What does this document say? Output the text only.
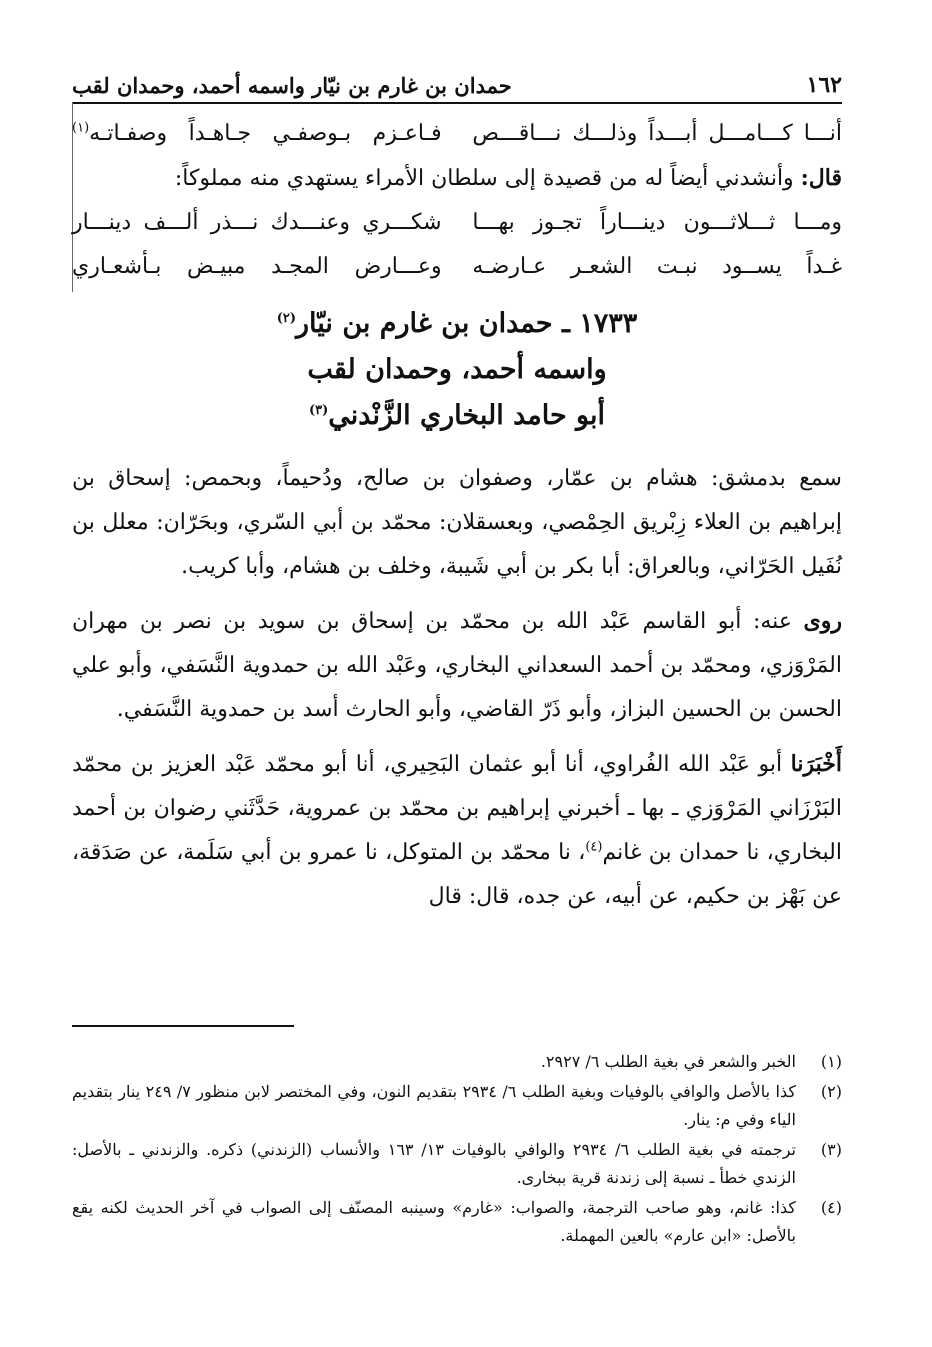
١٦٢
حمدان بن غارم بن نيّار واسمه أحمد، وحمدان لقب
أنـــا كـــامـــل أبـــداً وذلـــك نـــاقـــص
فـاعـزم بـوصفـي جـاهـداً وصفـاتـه$^{(١)}$

قال: وأنشدني أيضاً له من قصيدة إلى سلطان الأمراء يستهدي منه مملوكاً:

ومـــا ثـــلاثـــون دينـــاراً تجـوز بهـــا
شكـــري وعنـــدك نـــذر ألـــف دينـــار
غـداً يســود نبـت الشعـر عـارضـه
وعـــارض المجـد مبيـض بـأشعـاري

١٧٣٣ ـ حمدان بن غارم بن نيّار$^{(٢)}$

واسمه أحمد، وحمدان لقب

أبو حامد البخاري الزَّنْدني$^{(٣)}$

سمع بدمشق: هشام بن عمّار، وصفوان بن صالح، ودُحيماً، وبحمص: إسحاق بن إبراهيم بن العلاء زِبْريق الحِمْصي، وبعسقلان: محمّد بن أبي السّري، وبحَرّان: معلل بن نُفَيل الحَرّاني، وبالعراق: أبا بكر بن أبي شَيبة، وخلف بن هشام، وأبا كريب.

روى عنه: أبو القاسم عَبْد الله بن محمّد بن إسحاق بن سويد بن نصر بن مهران المَرْوَزي، ومحمّد بن أحمد السعداني البخاري، وعَبْد الله بن حمدوية النَّسَفي، وأبو علي الحسن بن الحسين البزاز، وأبو ذَرّ القاضي، وأبو الحارث أسد بن حمدوية النَّسَفي.

أَخْبَرَنا أبو عَبْد الله الفُراوي، أنا أبو عثمان البَحِيري، أنا أبو محمّد عَبْد العزيز بن محمّد البَرْزَاني المَرْوَزي ـ بها ـ أخبرني إبراهيم بن محمّد بن عمروية، حَدَّثَني رضوان بن أحمد البخاري، نا حمدان بن غانم$^{(٤)}$، نا محمّد بن المتوكل، نا عمرو بن أبي سَلَمة، عن صَدَقة، عن بَهْز بن حكيم، عن أبيه، عن جده، قال: قال

(١)
الخبر والشعر في بغية الطلب ٦/ ٢٩٢٧.
(٢)
كذا بالأصل والوافي بالوفيات وبغية الطلب ٦/ ٢٩٣٤ بتقديم النون، وفي المختصر لابن منظور ٧/ ٢٤٩ ينار بتقديم الياء وفي م: ينار.
(٣)
ترجمته في بغية الطلب ٦/ ٢٩٣٤ والوافي بالوفيات ١٣/ ١٦٣ والأنساب (الزندني) ذكره. والزندني ـ بالأصل: الزندي خطأ ـ نسبة إلى زندنة قرية ببخارى.
(٤)
كذا: غانم، وهو صاحب الترجمة، والصواب: «غارم» وسينبه المصنّف إلى الصواب في آخر الحديث لكنه يقع بالأصل: «ابن عارم» بالعين المهملة.
